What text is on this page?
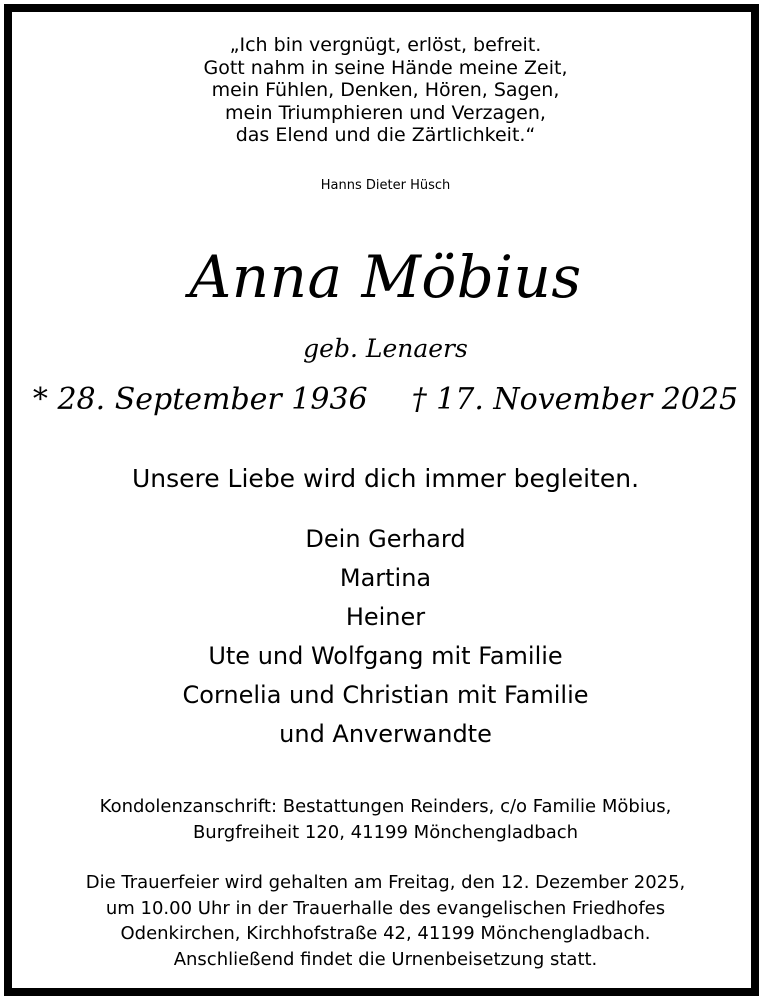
„Ich bin vergnügt, erlöst, befreit.
Gott nahm in seine Hände meine Zeit,
mein Fühlen, Denken, Hören, Sagen,
mein Triumphieren und Verzagen,
das Elend und die Zärtlichkeit.“
Hanns Dieter Hüsch
Anna Möbius
geb. Lenaers
* 28. September 1936 † 17. November 2025
Unsere Liebe wird dich immer begleiten.
Dein Gerhard
Martina
Heiner
Ute und Wolfgang mit Familie
Cornelia und Christian mit Familie
und Anverwandte
Kondolenzanschrift: Bestattungen Reinders, c/o Familie Möbius,
Burgfreiheit 120, 41199 Mönchengladbach
Die Trauerfeier wird gehalten am Freitag, den 12. Dezember 2025,
um 10.00 Uhr in der Trauerhalle des evangelischen Friedhofes
Odenkirchen, Kirchhofstraße 42, 41199 Mönchengladbach.
Anschließend findet die Urnenbeisetzung statt.
